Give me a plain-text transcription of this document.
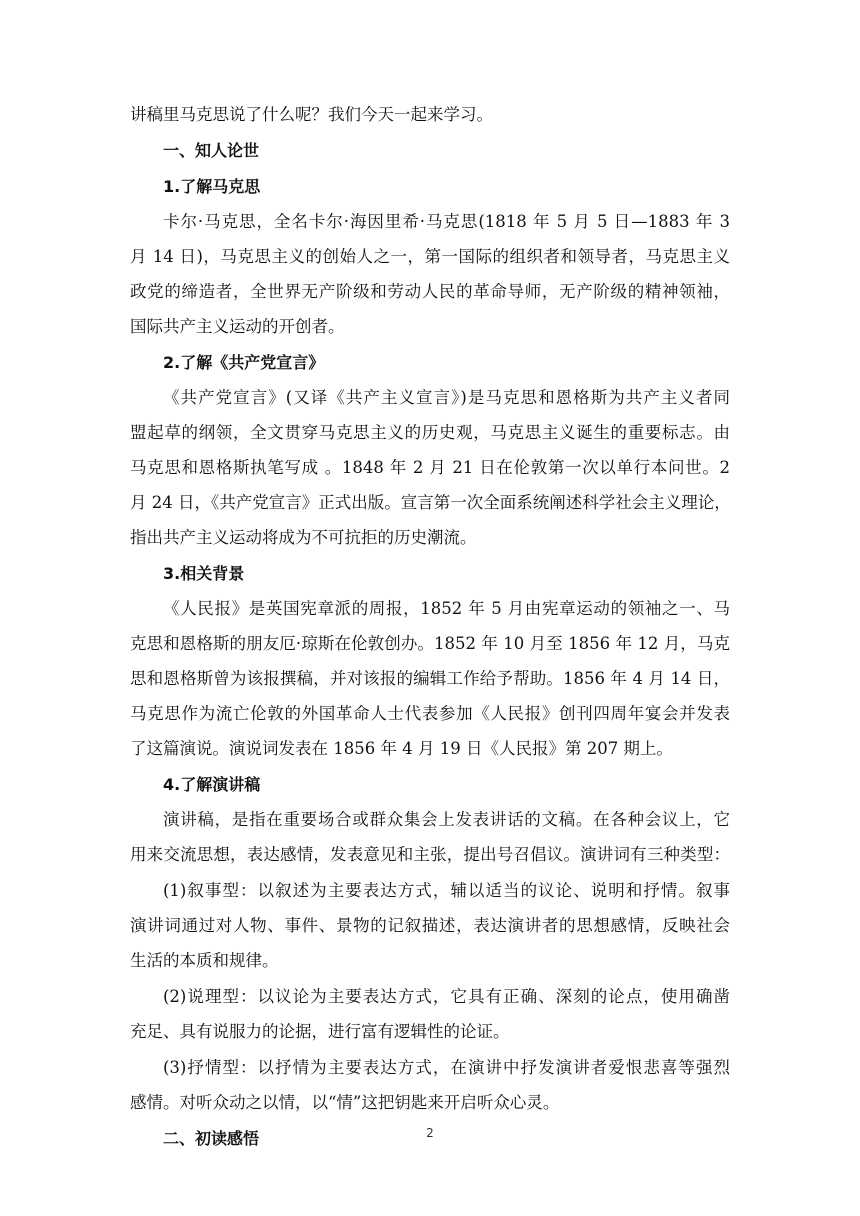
讲稿里马克思说了什么呢？我们今天一起来学习。
一、知人论世
1.了解马克思
卡尔·马克思，全名卡尔·海因里希·马克思(1818 年 5 月 5 日—1883 年 3
月 14 日)，马克思主义的创始人之一，第一国际的组织者和领导者，马克思主义
政党的缔造者，全世界无产阶级和劳动人民的革命导师，无产阶级的精神领袖，
国际共产主义运动的开创者。
2.了解《共产党宣言》
《共产党宣言》(又译《共产主义宣言》)是马克思和恩格斯为共产主义者同
盟起草的纲领，全文贯穿马克思主义的历史观，马克思主义诞生的重要标志。由
马克思和恩格斯执笔写成 。1848 年 2 月 21 日在伦敦第一次以单行本问世。2
月 24 日，《共产党宣言》正式出版。宣言第一次全面系统阐述科学社会主义理论，
指出共产主义运动将成为不可抗拒的历史潮流。
3.相关背景
《人民报》是英国宪章派的周报，1852 年 5 月由宪章运动的领袖之一、马
克思和恩格斯的朋友厄·琼斯在伦敦创办。1852 年 10 月至 1856 年 12 月，马克
思和恩格斯曾为该报撰稿，并对该报的编辑工作给予帮助。1856 年 4 月 14 日，
马克思作为流亡伦敦的外国革命人士代表参加《人民报》创刊四周年宴会并发表
了这篇演说。演说词发表在 1856 年 4 月 19 日《人民报》第 207 期上。
4.了解演讲稿
演讲稿，是指在重要场合或群众集会上发表讲话的文稿。在各种会议上，它
用来交流思想，表达感情，发表意见和主张，提出号召倡议。演讲词有三种类型：
(1)叙事型：以叙述为主要表达方式，辅以适当的议论、说明和抒情。叙事
演讲词通过对人物、事件、景物的记叙描述，表达演讲者的思想感情，反映社会
生活的本质和规律。
(2)说理型：以议论为主要表达方式，它具有正确、深刻的论点，使用确凿
充足、具有说服力的论据，进行富有逻辑性的论证。
(3)抒情型：以抒情为主要表达方式，在演讲中抒发演讲者爱恨悲喜等强烈
感情。对听众动之以情，以“情”这把钥匙来开启听众心灵。
二、初读感悟	2
